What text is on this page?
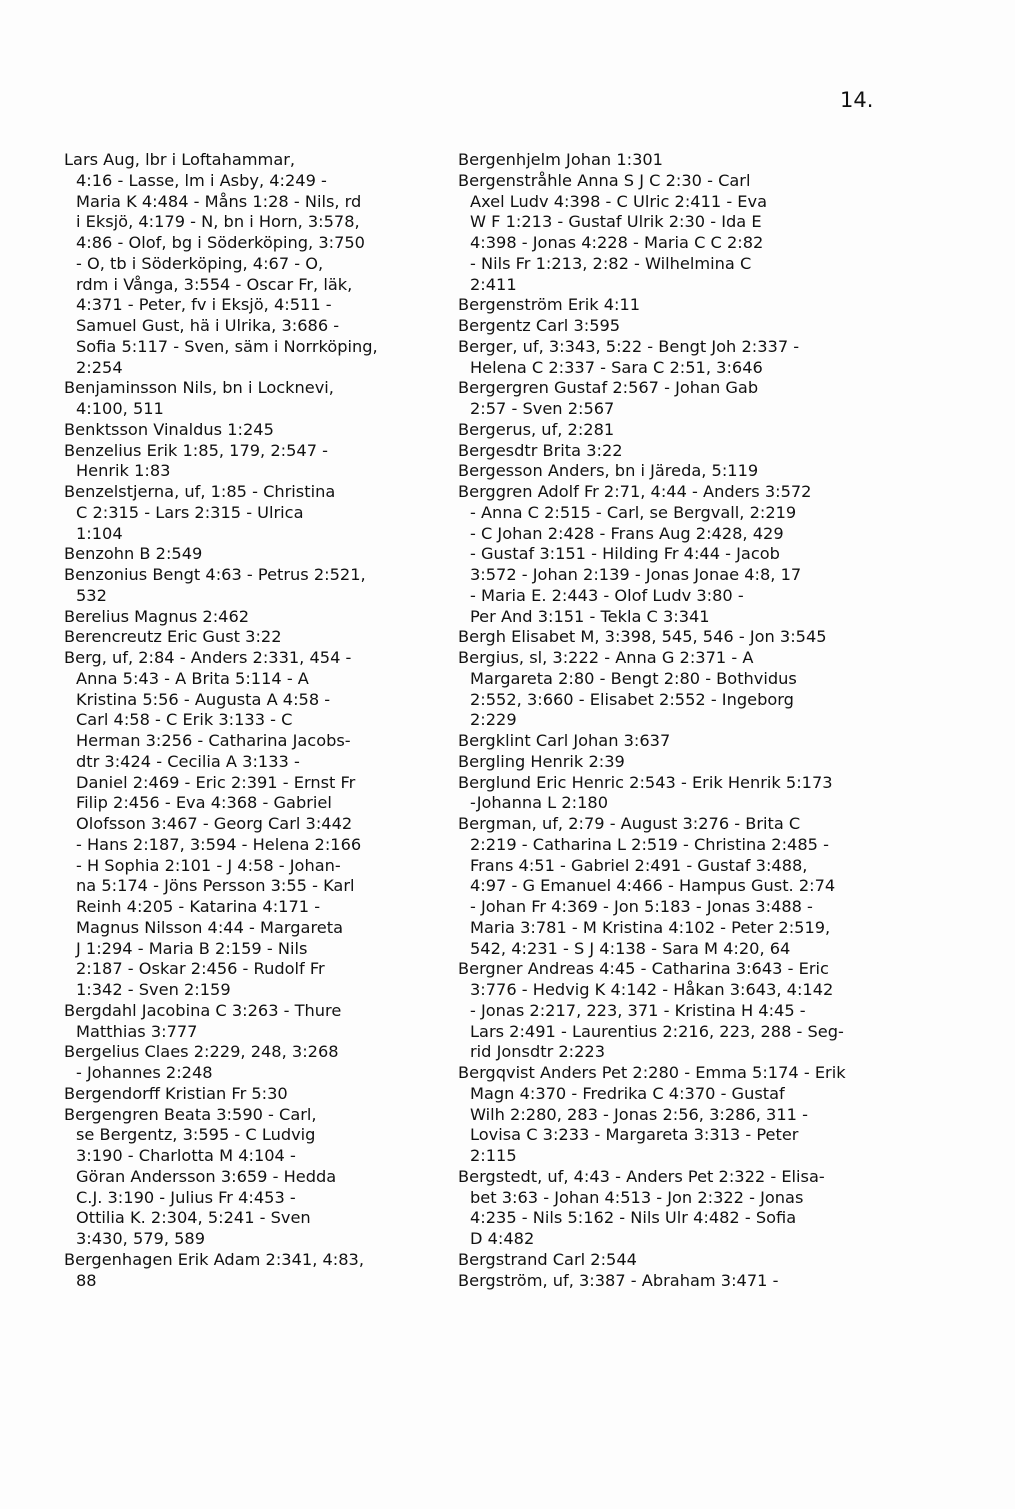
14.

Lars Aug, lbr i Loftahammar,
4:16 - Lasse, lm i Asby, 4:249 -
Maria K 4:484 - Måns 1:28 - Nils, rd
i Eksjö, 4:179 - N, bn i Horn, 3:578,
4:86 - Olof, bg i Söderköping, 3:750
- O, tb i Söderköping, 4:67 - O,
rdm i Vånga, 3:554 - Oscar Fr, läk,
4:371 - Peter, fv i Eksjö, 4:511 -
Samuel Gust, hä i Ulrika, 3:686 -
Sofia 5:117 - Sven, säm i Norrköping,
2:254

Benjaminsson Nils, bn i Locknevi,
4:100, 511

Benktsson Vinaldus 1:245

Benzelius Erik 1:85, 179, 2:547 -
Henrik 1:83

Benzelstjerna, uf, 1:85 - Christina
C 2:315 - Lars 2:315 - Ulrica
1:104

Benzohn B 2:549

Benzonius Bengt 4:63 - Petrus 2:521,
532

Berelius Magnus 2:462

Berencreutz Eric Gust 3:22

Berg, uf, 2:84 - Anders 2:331, 454 -
Anna 5:43 - A Brita 5:114 - A
Kristina 5:56 - Augusta A 4:58 -
Carl 4:58 - C Erik 3:133 - C
Herman 3:256 - Catharina Jacobs-
dtr 3:424 - Cecilia A 3:133 -
Daniel 2:469 - Eric 2:391 - Ernst Fr
Filip 2:456 - Eva 4:368 - Gabriel
Olofsson 3:467 - Georg Carl 3:442
- Hans 2:187, 3:594 - Helena 2:166
- H Sophia 2:101 - J 4:58 - Johan-
na 5:174 - Jöns Persson 3:55 - Karl
Reinh 4:205 - Katarina 4:171 -
Magnus Nilsson 4:44 - Margareta
J 1:294 - Maria B 2:159 - Nils
2:187 - Oskar 2:456 - Rudolf Fr
1:342 - Sven 2:159

Bergdahl Jacobina C 3:263 - Thure
Matthias 3:777

Bergelius Claes 2:229, 248, 3:268
- Johannes 2:248

Bergendorff Kristian Fr 5:30

Bergengren Beata 3:590 - Carl,
se Bergentz, 3:595 - C Ludvig
3:190 - Charlotta M 4:104 -
Göran Andersson 3:659 - Hedda
C.J. 3:190 - Julius Fr 4:453 -
Ottilia K. 2:304, 5:241 - Sven
3:430, 579, 589

Bergenhagen Erik Adam 2:341, 4:83,
88

Bergenhjelm Johan 1:301

Bergenstråhle Anna S J C 2:30 - Carl
Axel Ludv 4:398 - C Ulric 2:411 - Eva
W F 1:213 - Gustaf Ulrik 2:30 - Ida E
4:398 - Jonas 4:228 - Maria C C 2:82
- Nils Fr 1:213, 2:82 - Wilhelmina C
2:411

Bergenström Erik 4:11

Bergentz Carl 3:595

Berger, uf, 3:343, 5:22 - Bengt Joh 2:337 -
Helena C 2:337 - Sara C 2:51, 3:646

Bergergren Gustaf 2:567 - Johan Gab
2:57 - Sven 2:567

Bergerus, uf, 2:281

Bergesdtr Brita 3:22

Bergesson Anders, bn i Järeda, 5:119

Berggren Adolf Fr 2:71, 4:44 - Anders 3:572
- Anna C 2:515 - Carl, se Bergvall, 2:219
- C Johan 2:428 - Frans Aug 2:428, 429
- Gustaf 3:151 - Hilding Fr 4:44 - Jacob
3:572 - Johan 2:139 - Jonas Jonae 4:8, 17
- Maria E. 2:443 - Olof Ludv 3:80 -
Per And 3:151 - Tekla C 3:341

Bergh Elisabet M, 3:398, 545, 546 - Jon 3:545

Bergius, sl, 3:222 - Anna G 2:371 - A
Margareta 2:80 - Bengt 2:80 - Bothvidus
2:552, 3:660 - Elisabet 2:552 - Ingeborg
2:229

Bergklint Carl Johan 3:637

Bergling Henrik 2:39

Berglund Eric Henric 2:543 - Erik Henrik 5:173
-Johanna L 2:180

Bergman, uf, 2:79 - August 3:276 - Brita C
2:219 - Catharina L 2:519 - Christina 2:485 -
Frans 4:51 - Gabriel 2:491 - Gustaf 3:488,
4:97 - G Emanuel 4:466 - Hampus Gust. 2:74
- Johan Fr 4:369 - Jon 5:183 - Jonas 3:488 -
Maria 3:781 - M Kristina 4:102 - Peter 2:519,
542, 4:231 - S J 4:138 - Sara M 4:20, 64

Bergner Andreas 4:45 - Catharina 3:643 - Eric
3:776 - Hedvig K 4:142 - Håkan 3:643, 4:142
- Jonas 2:217, 223, 371 - Kristina H 4:45 -
Lars 2:491 - Laurentius 2:216, 223, 288 - Seg-
rid Jonsdtr 2:223

Bergqvist Anders Pet 2:280 - Emma 5:174 - Erik
Magn 4:370 - Fredrika C 4:370 - Gustaf
Wilh 2:280, 283 - Jonas 2:56, 3:286, 311 -
Lovisa C 3:233 - Margareta 3:313 - Peter
2:115

Bergstedt, uf, 4:43 - Anders Pet 2:322 - Elisa-
bet 3:63 - Johan 4:513 - Jon 2:322 - Jonas
4:235 - Nils 5:162 - Nils Ulr 4:482 - Sofia
D 4:482

Bergstrand Carl 2:544

Bergström, uf, 3:387 - Abraham 3:471 -
